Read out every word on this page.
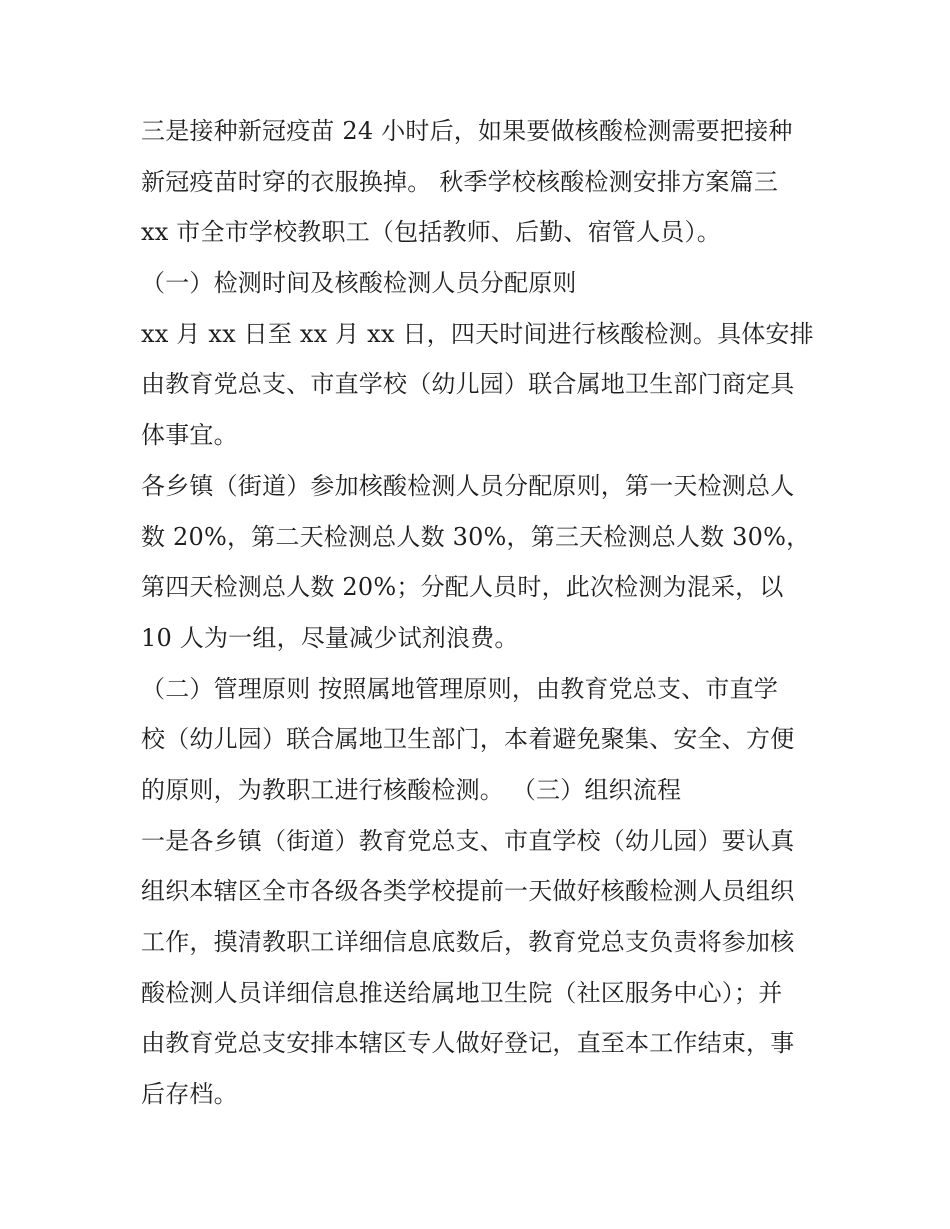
三是接种新冠疫苗 24 小时后，如果要做核酸检测需要把接种
新冠疫苗时穿的衣服换掉。 秋季学校核酸检测安排方案篇三
xx 市全市学校教职工（包括教师、后勤、宿管人员）。
（一）检测时间及核酸检测人员分配原则
xx 月 xx 日至 xx 月 xx 日，四天时间进行核酸检测。具体安排
由教育党总支、市直学校（幼儿园）联合属地卫生部门商定具
体事宜。
各乡镇（街道）参加核酸检测人员分配原则，第一天检测总人
数 20%，第二天检测总人数 30%，第三天检测总人数 30%，
第四天检测总人数 20%；分配人员时，此次检测为混采，以
10 人为一组，尽量减少试剂浪费。
（二）管理原则 按照属地管理原则，由教育党总支、市直学
校（幼儿园）联合属地卫生部门，本着避免聚集、安全、方便
的原则，为教职工进行核酸检测。 （三）组织流程
一是各乡镇（街道）教育党总支、市直学校（幼儿园）要认真
组织本辖区全市各级各类学校提前一天做好核酸检测人员组织
工作，摸清教职工详细信息底数后，教育党总支负责将参加核
酸检测人员详细信息推送给属地卫生院（社区服务中心）；并
由教育党总支安排本辖区专人做好登记，直至本工作结束，事
后存档。
